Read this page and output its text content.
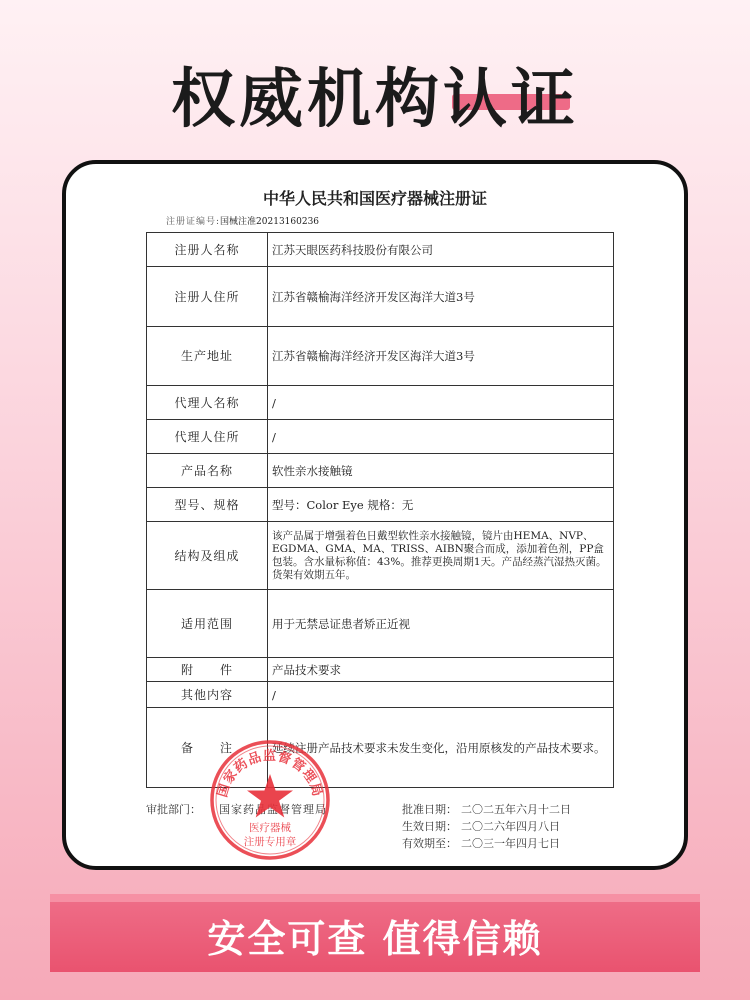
权威机构认证
中华人民共和国医疗器械注册证
注册证编号:国械注准20213160236
注册人名称	江苏天眼医药科技股份有限公司
注册人住所	江苏省赣榆海洋经济开发区海洋大道3号
生产地址	江苏省赣榆海洋经济开发区海洋大道3号
代理人名称	/
代理人住所	/
产品名称	软性亲水接触镜
型号、规格	型号：Color Eye 规格：无
结构及组成	该产品属于增强着色日戴型软性亲水接触镜，镜片由HEMA、NVP、EGDMA、GMA、MA、TRISS、AIBN聚合而成，添加着色剂，PP盒包装。含水量标称值：43%。推荐更换周期1天。产品经蒸汽湿热灭菌。货架有效期五年。
适用范围	用于无禁忌证患者矫正近视
附　　件	产品技术要求
其他内容	/
备　　注	延续注册产品技术要求未发生变化，沿用原核发的产品技术要求。
审批部门： 国家药品监督管理局	批准日期： 二〇二五年六月十二日
生效日期： 二〇二六年四月八日
有效期至： 二〇三一年四月七日
国家药品监督管理局
医疗器械
注册专用章
安全可查 值得信赖
